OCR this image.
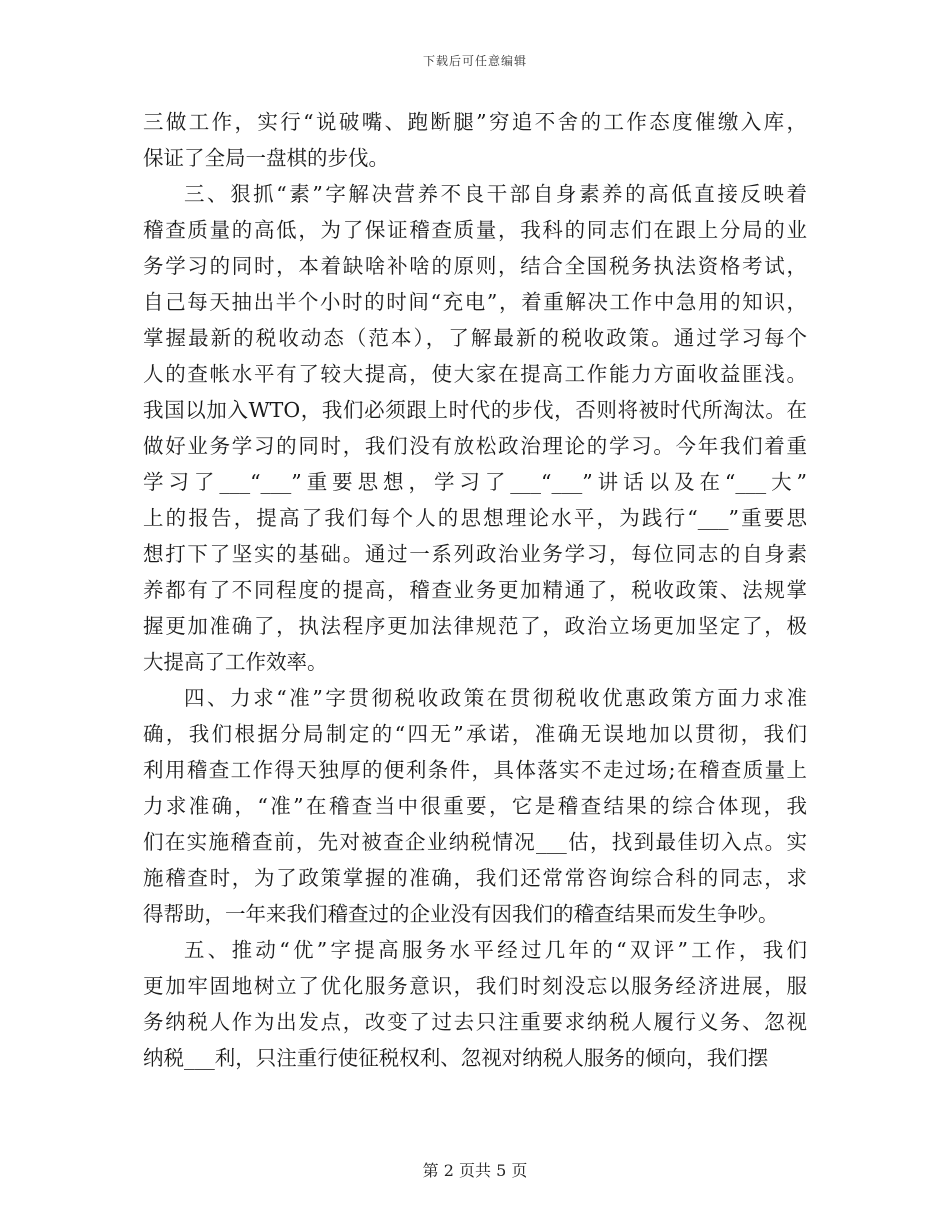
下载后可任意编辑
三做工作，实行“说破嘴、跑断腿”穷追不舍的工作态度催缴入库，
保证了全局一盘棋的步伐。
三、狠抓“素”字解决营养不良干部自身素养的高低直接反映着
稽查质量的高低，为了保证稽查质量，我科的同志们在跟上分局的业
务学习的同时，本着缺啥补啥的原则，结合全国税务执法资格考试，
自己每天抽出半个小时的时间“充电”，着重解决工作中急用的知识，
掌握最新的税收动态（范本），了解最新的税收政策。通过学习每个
人的查帐水平有了较大提高，使大家在提高工作能力方面收益匪浅。
我国以加入WTO，我们必须跟上时代的步伐，否则将被时代所淘汰。在
做好业务学习的同时，我们没有放松政治理论的学习。今年我们着重
学习了___“___”重要思想，学习了___“___”讲话以及在“___大”
上的报告，提高了我们每个人的思想理论水平，为践行“___”重要思
想打下了坚实的基础。通过一系列政治业务学习，每位同志的自身素
养都有了不同程度的提高，稽查业务更加精通了，税收政策、法规掌
握更加准确了，执法程序更加法律规范了，政治立场更加坚定了，极
大提高了工作效率。
四、力求“准”字贯彻税收政策在贯彻税收优惠政策方面力求准
确，我们根据分局制定的“四无”承诺，准确无误地加以贯彻，我们
利用稽查工作得天独厚的便利条件，具体落实不走过场;在稽查质量上
力求准确，“准”在稽查当中很重要，它是稽查结果的综合体现，我
们在实施稽查前，先对被查企业纳税情况___估，找到最佳切入点。实
施稽查时，为了政策掌握的准确，我们还常常咨询综合科的同志，求
得帮助，一年来我们稽查过的企业没有因我们的稽查结果而发生争吵。
五、推动“优”字提高服务水平经过几年的“双评”工作，我们
更加牢固地树立了优化服务意识，我们时刻没忘以服务经济进展，服
务纳税人作为出发点，改变了过去只注重要求纳税人履行义务、忽视
纳税___利，只注重行使征税权利、忽视对纳税人服务的倾向，我们摆
第 2 页共 5 页
